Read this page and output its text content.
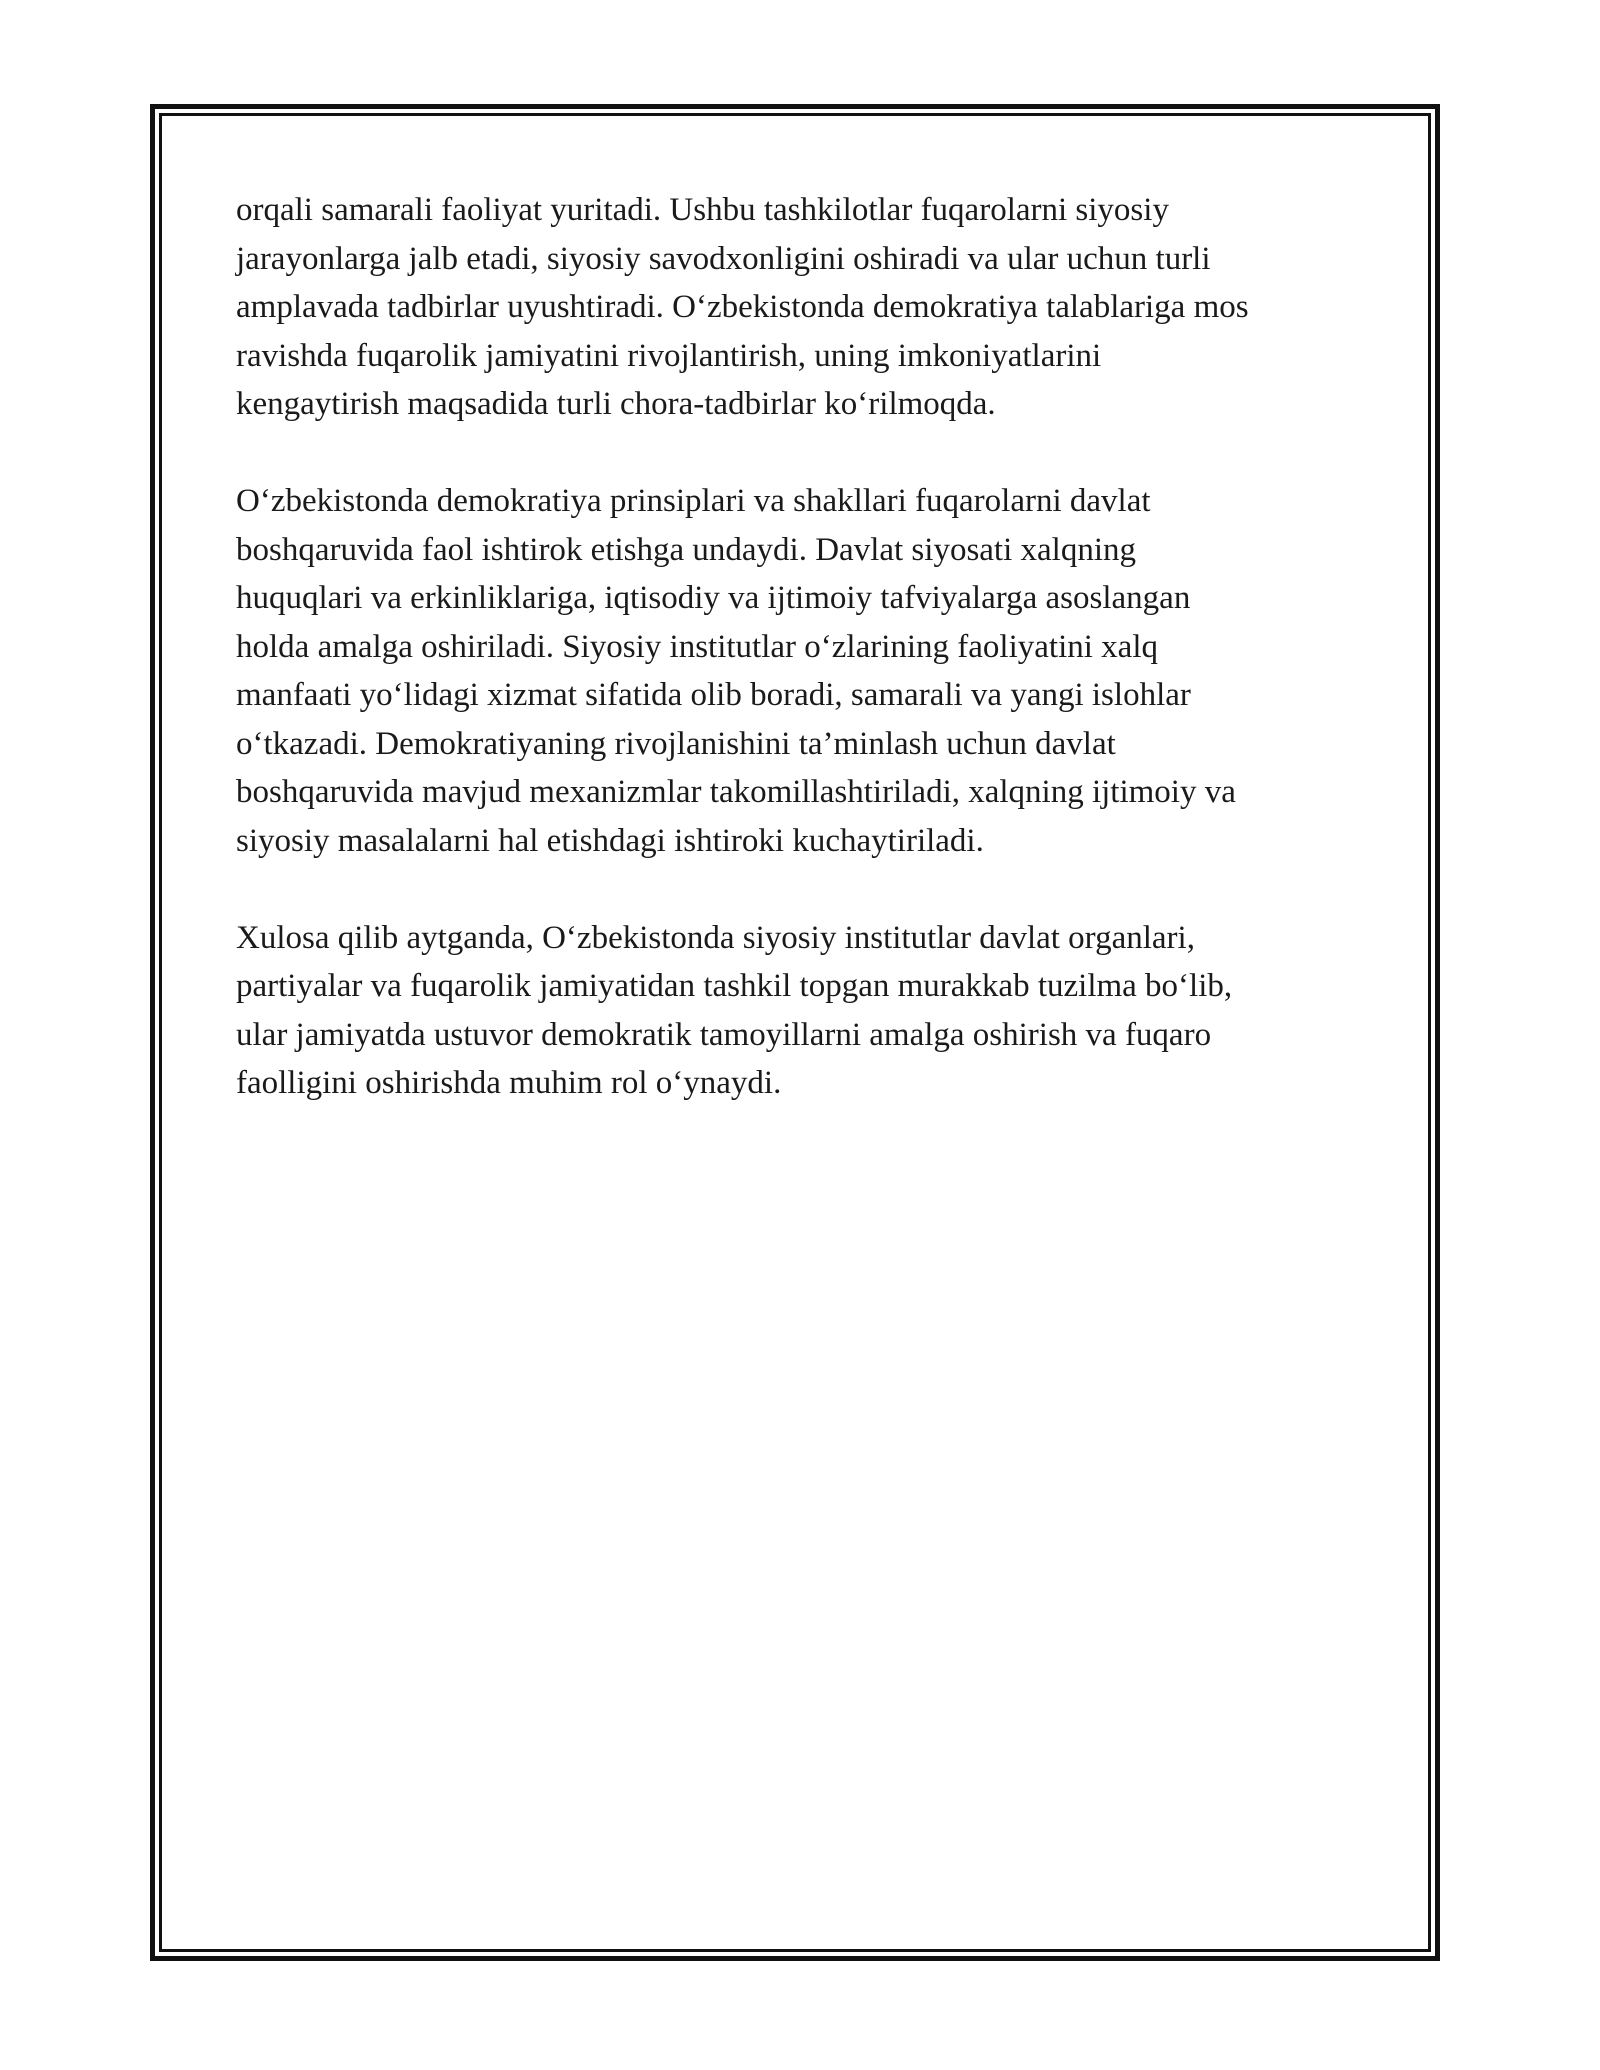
orqali samarali faoliyat yuritadi. Ushbu tashkilotlar fuqarolarni siyosiy
jarayonlarga jalb etadi, siyosiy savodxonligini oshiradi va ular uchun turli
amplavada tadbirlar uyushtiradi. O‘zbekistonda demokratiya talablariga mos
ravishda fuqarolik jamiyatini rivojlantirish, uning imkoniyatlarini
kengaytirish maqsadida turli chora-tadbirlar ko‘rilmoqda.

O‘zbekistonda demokratiya prinsiplari va shakllari fuqarolarni davlat
boshqaruvida faol ishtirok etishga undaydi. Davlat siyosati xalqning
huquqlari va erkinliklariga, iqtisodiy va ijtimoiy tafviyalarga asoslangan
holda amalga oshiriladi. Siyosiy institutlar o‘zlarining faoliyatini xalq
manfaati yo‘lidagi xizmat sifatida olib boradi, samarali va yangi islohlar
o‘tkazadi. Demokratiyaning rivojlanishini ta’minlash uchun davlat
boshqaruvida mavjud mexanizmlar takomillashtiriladi, xalqning ijtimoiy va
siyosiy masalalarni hal etishdagi ishtiroki kuchaytiriladi.

Xulosa qilib aytganda, O‘zbekistonda siyosiy institutlar davlat organlari,
partiyalar va fuqarolik jamiyatidan tashkil topgan murakkab tuzilma bo‘lib,
ular jamiyatda ustuvor demokratik tamoyillarni amalga oshirish va fuqaro
faolligini oshirishda muhim rol o‘ynaydi.
